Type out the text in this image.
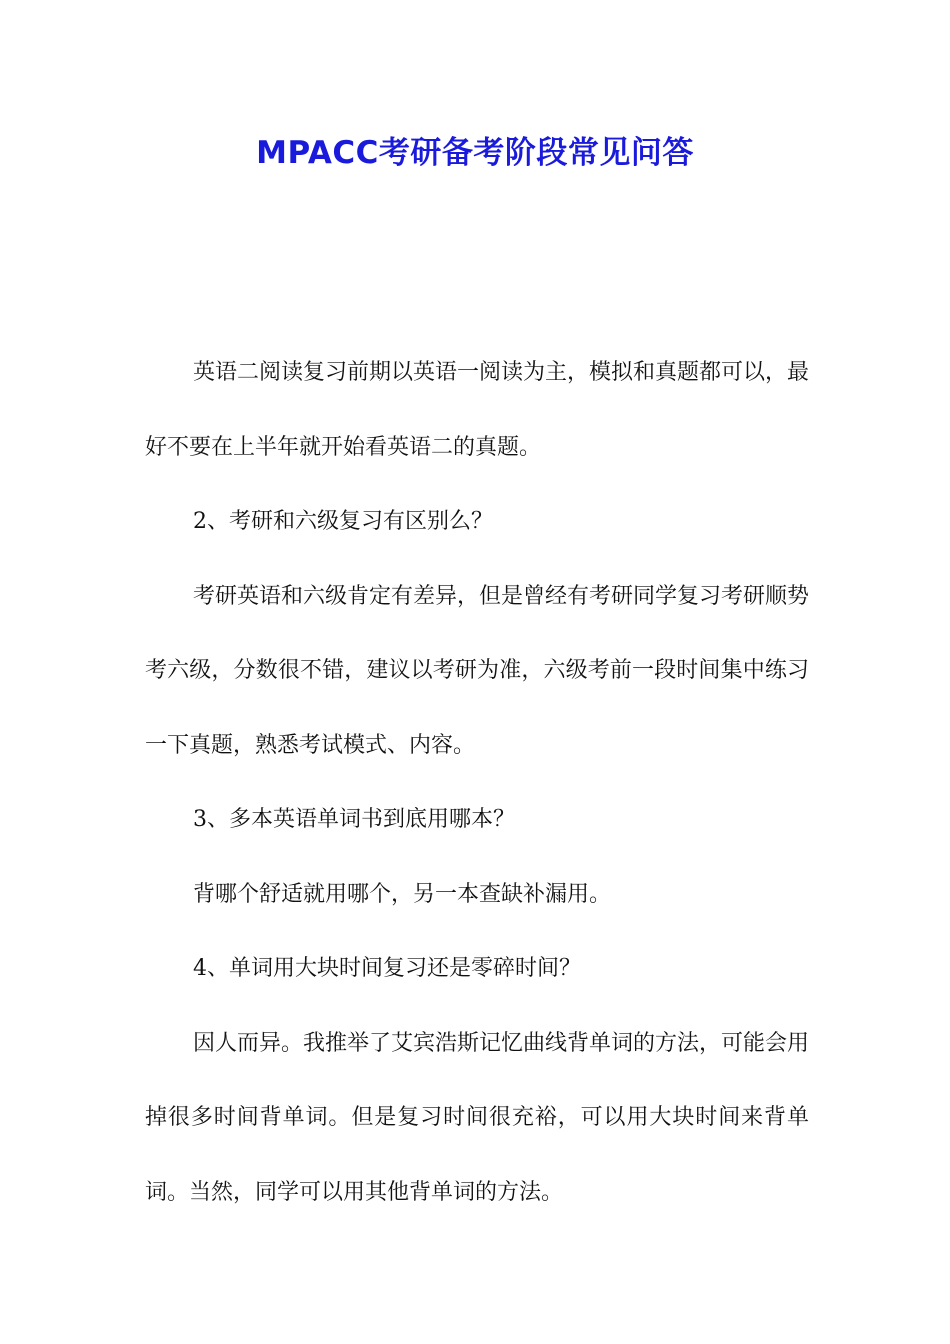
MPACC考研备考阶段常见问答

英语二阅读复习前期以英语一阅读为主，模拟和真题都可以，最好不要在上半年就开始看英语二的真题。

2、考研和六级复习有区别么？

考研英语和六级肯定有差异，但是曾经有考研同学复习考研顺势考六级，分数很不错，建议以考研为准，六级考前一段时间集中练习一下真题，熟悉考试模式、内容。

3、多本英语单词书到底用哪本？

背哪个舒适就用哪个，另一本查缺补漏用。

4、单词用大块时间复习还是零碎时间？

因人而异。我推举了艾宾浩斯记忆曲线背单词的方法，可能会用掉很多时间背单词。但是复习时间很充裕，可以用大块时间来背单词。当然，同学可以用其他背单词的方法。
